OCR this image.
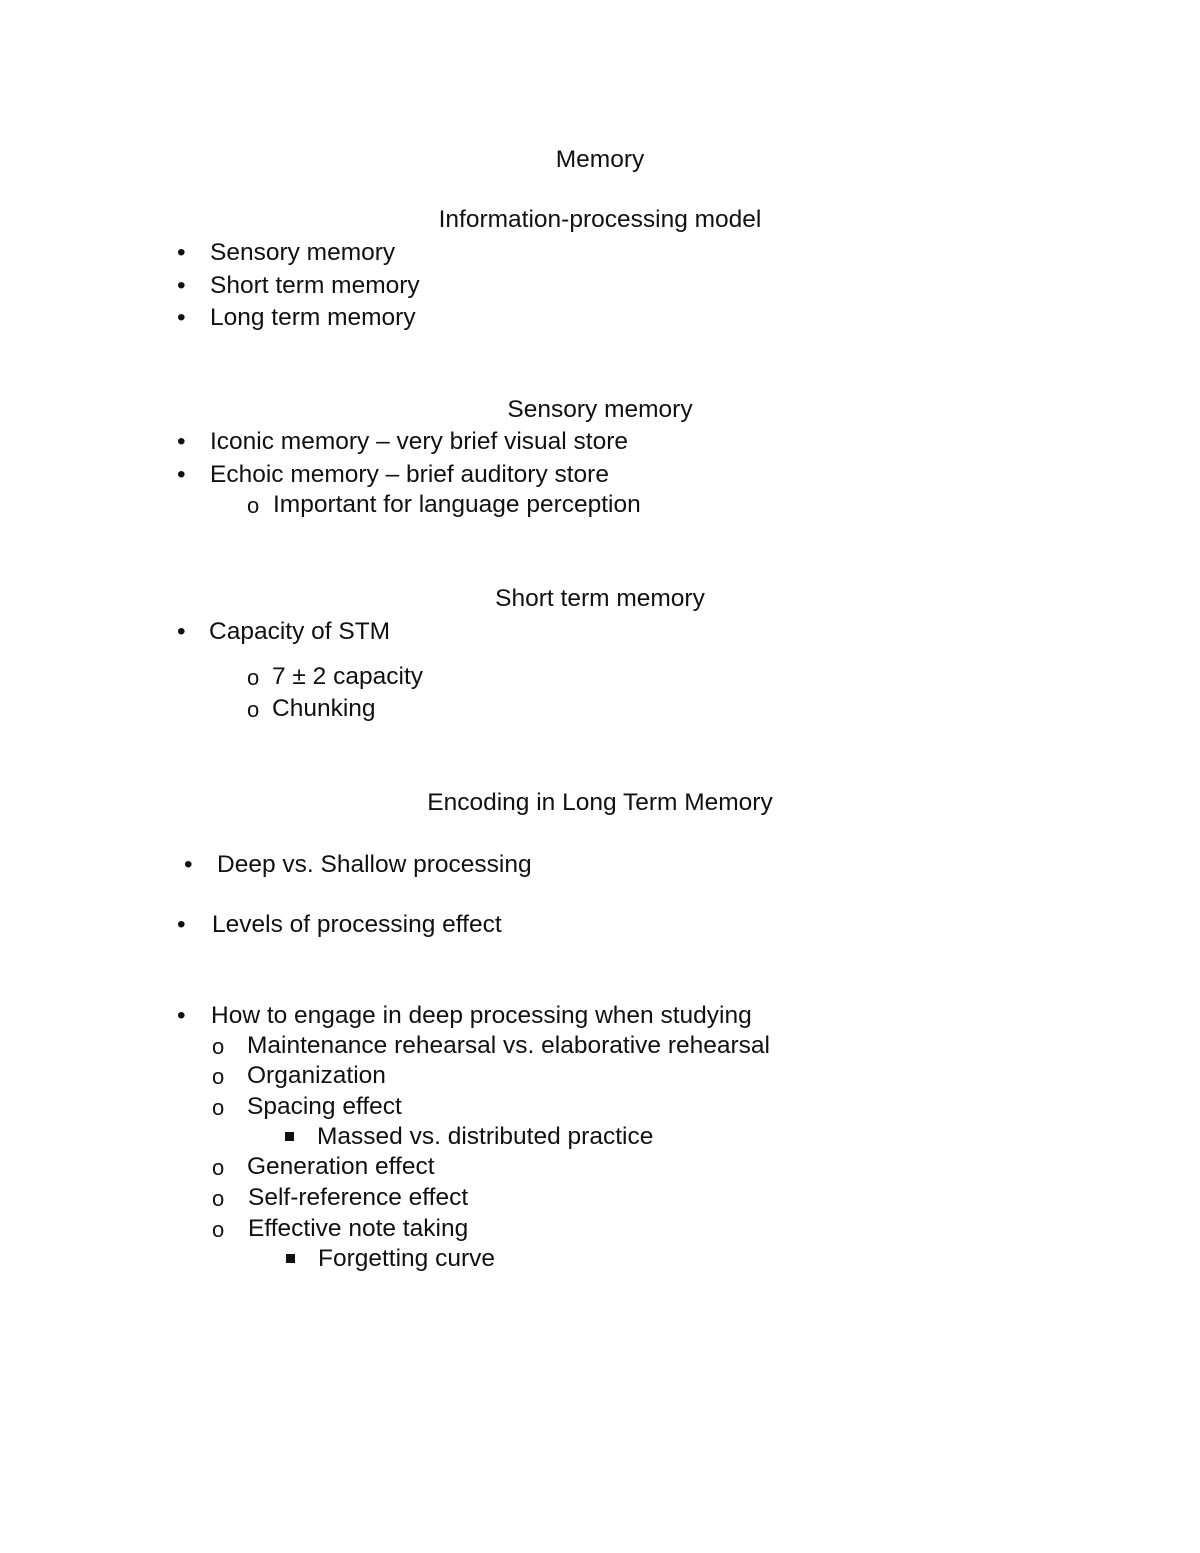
Memory
Information-processing model
• Sensory memory
• Short term memory
• Long term memory
Sensory memory
• Iconic memory – very brief visual store
• Echoic memory – brief auditory store
o Important for language perception
Short term memory
• Capacity of STM
o 7 ± 2 capacity
o Chunking
Encoding in Long Term Memory
• Deep vs. Shallow processing
• Levels of processing effect
• How to engage in deep processing when studying
o Maintenance rehearsal vs. elaborative rehearsal
o Organization
o Spacing effect
Massed vs. distributed practice
o Generation effect
o Self-reference effect
o Effective note taking
Forgetting curve
